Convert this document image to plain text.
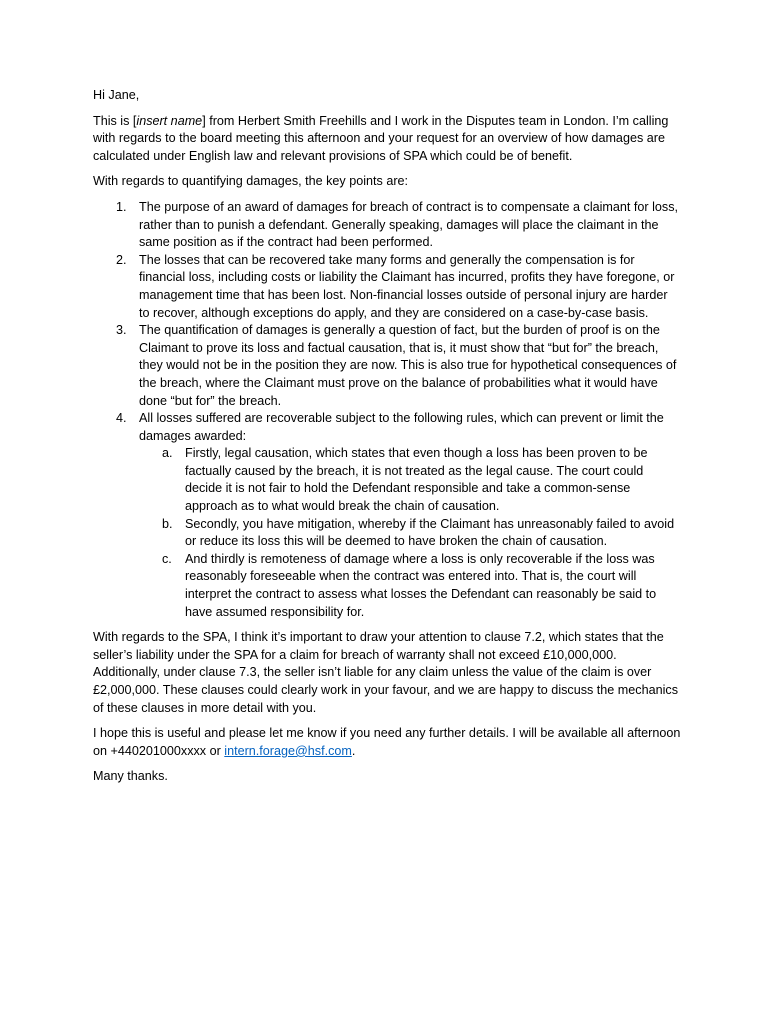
Hi Jane,

This is [insert name] from Herbert Smith Freehills and I work in the Disputes team in London. I’m calling with regards to the board meeting this afternoon and your request for an overview of how damages are calculated under English law and relevant provisions of SPA which could be of benefit.

With regards to quantifying damages, the key points are:

1. The purpose of an award of damages for breach of contract is to compensate a claimant for loss, rather than to punish a defendant. Generally speaking, damages will place the claimant in the same position as if the contract had been performed.
2. The losses that can be recovered take many forms and generally the compensation is for financial loss, including costs or liability the Claimant has incurred, profits they have foregone, or management time that has been lost. Non-financial losses outside of personal injury are harder to recover, although exceptions do apply, and they are considered on a case-by-case basis.
3. The quantification of damages is generally a question of fact, but the burden of proof is on the Claimant to prove its loss and factual causation, that is, it must show that “but for” the breach, they would not be in the position they are now. This is also true for hypothetical consequences of the breach, where the Claimant must prove on the balance of probabilities what it would have done “but for” the breach.
4. All losses suffered are recoverable subject to the following rules, which can prevent or limit the damages awarded:
a. Firstly, legal causation, which states that even though a loss has been proven to be factually caused by the breach, it is not treated as the legal cause. The court could decide it is not fair to hold the Defendant responsible and take a common-sense approach as to what would break the chain of causation.
b. Secondly, you have mitigation, whereby if the Claimant has unreasonably failed to avoid or reduce its loss this will be deemed to have broken the chain of causation.
c. And thirdly is remoteness of damage where a loss is only recoverable if the loss was reasonably foreseeable when the contract was entered into. That is, the court will interpret the contract to assess what losses the Defendant can reasonably be said to have assumed responsibility for.

With regards to the SPA, I think it’s important to draw your attention to clause 7.2, which states that the seller’s liability under the SPA for a claim for breach of warranty shall not exceed £10,000,000. Additionally, under clause 7.3, the seller isn’t liable for any claim unless the value of the claim is over £2,000,000. These clauses could clearly work in your favour, and we are happy to discuss the mechanics of these clauses in more detail with you.

I hope this is useful and please let me know if you need any further details. I will be available all afternoon on +440201000xxxx or intern.forage@hsf.com.

Many thanks.
